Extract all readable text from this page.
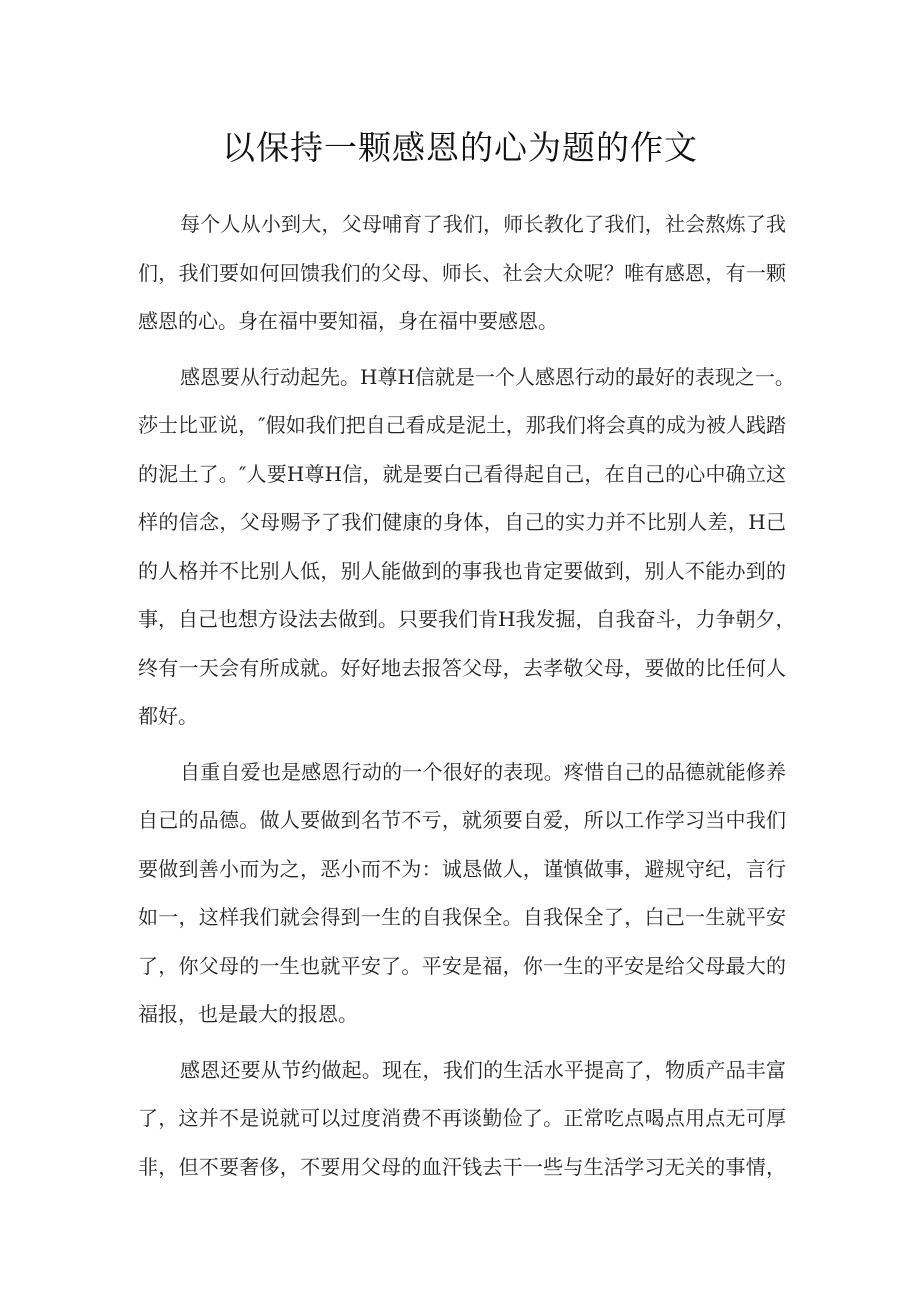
以保持一颗感恩的心为题的作文

每个人从小到大，父母哺育了我们，师长教化了我们，社会熬炼了我
们，我们要如何回馈我们的父母、师长、社会大众呢？唯有感恩，有一颗
感恩的心。身在福中要知福，身在福中要感恩。

感恩要从行动起先。H尊H信就是一个人感恩行动的最好的表现之一。
莎士比亚说，″假如我们把自己看成是泥土，那我们将会真的成为被人践踏
的泥土了。″人要H尊H信，就是要白己看得起自己，在自己的心中确立这
样的信念，父母赐予了我们健康的身体，自己的实力并不比别人差，H己
的人格并不比别人低，别人能做到的事我也肯定要做到，别人不能办到的
事，自己也想方设法去做到。只要我们肯H我发掘，自我奋斗，力争朝夕，
终有一天会有所成就。好好地去报答父母，去孝敬父母，要做的比任何人
都好。

自重自爱也是感恩行动的一个很好的表现。疼惜自己的品德就能修养
自己的品德。做人要做到名节不亏，就须要自爱，所以工作学习当中我们
要做到善小而为之，恶小而不为：诚恳做人，谨慎做事，避规守纪，言行
如一，这样我们就会得到一生的自我保全。自我保全了，白己一生就平安
了，你父母的一生也就平安了。平安是福，你一生的平安是给父母最大的
福报，也是最大的报恩。

感恩还要从节约做起。现在，我们的生活水平提高了，物质产品丰富
了，这并不是说就可以过度消费不再谈勤俭了。正常吃点喝点用点无可厚
非，但不要奢侈，不要用父母的血汗钱去干一些与生活学习无关的事情，
